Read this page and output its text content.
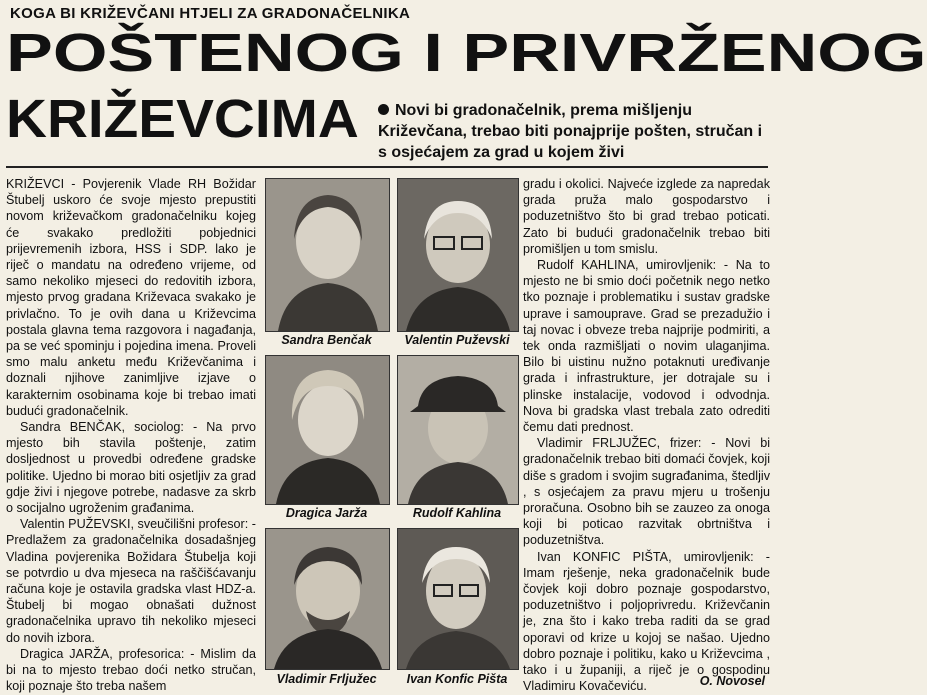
KOGA BI KRIŽEVČANI HTJELI ZA GRADONAČELNIKA
POŠTENOG I PRIVRŽENOG
KRIŽEVCIMA	Novi bi gradonačelnik, prema mišljenju Križevčana, trebao biti ponajprije pošten, stručan i s osjećajem za grad u kojem živi

KRIŽEVCI - Povjerenik Vlade RH Božidar Štubelj uskoro će svoje mjesto prepustiti novom križevačkom gradonačelniku kojeg će svakako predložiti pobjednici prijevremenih izbora, HSS i SDP. lako je riječ o mandatu na određeno vrijeme, od samo nekoliko mjeseci do redovitih izbora, mjesto prvog gradana Križevaca svakako je privlačno. To je ovih dana u Križevcima postala glavna tema razgovora i nagađanja, pa se već spominju i pojedina imena. Proveli smo malu anketu među Križevčanima i doznali njihove zanimljive izjave o karakternim osobinama koje bi trebao imati budući gradonačelnik.

Sandra BENČAK, sociolog: - Na prvo mjesto bih stavila poštenje, zatim dosljednost u provedbi određene gradske politike. Ujedno bi morao biti osjetljiv za grad gdje živi i njegove potrebe, nadasve za skrb o socijalno ugroženim građanima.

Valentin PUŽEVSKI, sveučilišni profesor: - Predlažem za gradonačelnika dosadašnjeg Vladina povjerenika Božidara Štubelja koji se potvrdio u dva mjeseca na raščišćavanju računa koje je ostavila gradska vlast HDZ-a. Štubelj bi mogao obnašati dužnost gradonačelnika upravo tih nekoliko mjeseci do novih izbora.

Dragica JARŽA, profesorica: - Mislim da bi na to mjesto trebao doći netko stručan, koji poznaje što treba našem

Sandra Benčak	Valentin Puževski
Dragica Jarža	Rudolf Kahlina
Vladimir Frljužec	Ivan Konfic Pišta

gradu i okolici. Najveće izglede za napredak grada pruža malo gospodarstvo i poduzetništvo što bi grad trebao poticati. Zato bi budući gradonačelnik trebao biti promišljen u tom smislu.

Rudolf KAHLINA, umirovljenik: - Na to mjesto ne bi smio doći početnik nego netko tko poznaje i problematiku i sustav gradske uprave i samouprave. Grad se prezadužio i taj novac i obveze treba najprije podmiriti, a tek onda razmišljati o novim ulaganjima. Bilo bi uistinu nužno potaknuti uređivanje grada i infrastrukture, jer dotrajale su i plinske instalacije, vodovod i odvodnja. Nova bi gradska vlast trebala zato odrediti čemu dati prednost.

Vladimir FRLJUŽEC, frizer: - Novi bi gradonačelnik trebao biti domaći čovjek, koji diše s gradom i svojim sugrađanima, štedljiv , s osjećajem za pravu mjeru u trošenju proračuna. Osobno bih se zauzeo za onoga koji bi poticao razvitak obrtništva i poduzetništva.

Ivan KONFIC PIŠTA, umirovljenik: - Imam rješenje, neka gradonačelnik bude čovjek koji dobro poznaje gospodarstvo, poduzetništvo i poljoprivredu. Križevčanin je, zna što i kako treba raditi da se grad oporavi od krize u kojoj se našao. Ujedno dobro poznaje i politiku, kako u Križevcima , tako i u županiji, a riječ je o gospodinu Vladimiru Kovačeviću.	O. Novosel
